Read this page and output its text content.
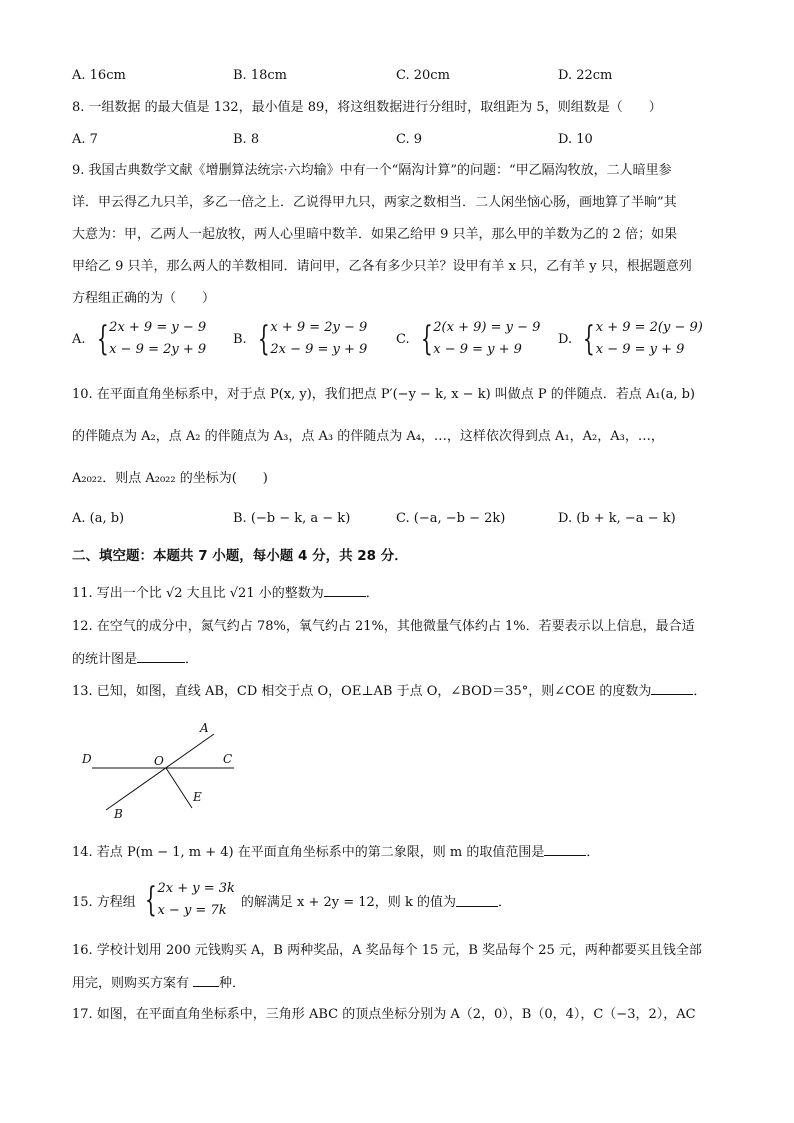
A. 16cm	B. 18cm	C. 20cm	D. 22cm
8. 一组数据 的最大值是 132，最小值是 89，将这组数据进行分组时，取组距为 5，则组数是（　　）
A. 7	B. 8	C. 9	D. 10
9. 我国古典数学文献《增删算法统宗·六均输》中有一个“隔沟计算”的问题：“甲乙隔沟牧放，二人暗里参
详．甲云得乙九只羊，多乙一倍之上．乙说得甲九只，两家之数相当．二人闲坐恼心肠，画地算了半晌”其
大意为：甲，乙两人一起放牧，两人心里暗中数羊．如果乙给甲 9 只羊，那么甲的羊数为乙的 2 倍；如果
甲给乙 9 只羊，那么两人的羊数相同．请问甲，乙各有多少只羊？设甲有羊 x 只，乙有羊 y 只，根据题意列
方程组正确的为（　　）
A. { 2x + 9 = y − 9
x − 9 = 2y + 9
B. { x + 9 = 2y − 9
2x − 9 = y + 9
C. { 2(x + 9) = y − 9
x − 9 = y + 9
D. { x + 9 = 2(y − 9)
x − 9 = y + 9
10. 在平面直角坐标系中，对于点 P(x, y)，我们把点 P′(−y − k, x − k) 叫做点 P 的伴随点．若点 A₁(a, b)
的伴随点为 A₂，点 A₂ 的伴随点为 A₃，点 A₃ 的伴随点为 A₄，…，这样依次得到点 A₁，A₂，A₃，…，
A₂₀₂₂．则点 A₂₀₂₂ 的坐标为(　　)
A. (a, b)	B. (−b − k, a − k)	C. (−a, −b − 2k)	D. (b + k, −a − k)
二、填空题：本题共 7 小题，每小题 4 分，共 28 分．
11. 写出一个比 √2 大且比 √21 小的整数为	．
12. 在空气的成分中，氮气约占 78%，氧气约占 21%，其他微量气体约占 1%．若要表示以上信息，最合适
的统计图是	．
13. 已知，如图，直线 AB，CD 相交于点 O，OE⊥AB 于点 O，∠BOD＝35°，则∠COE 的度数为	．
A
D	O	C
E
B
14. 若点 P(m − 1, m + 4) 在平面直角坐标系中的第二象限，则 m 的取值范围是	．
15. 方程组 { 2x + y = 3k
x − y = 7k
的解满足 x + 2y = 12，则 k 的值为	．
16. 学校计划用 200 元钱购买 A，B 两种奖品，A 奖品每个 15 元，B 奖品每个 25 元，两种都要买且钱全部
用完，则购买方案有 种．
17. 如图，在平面直角坐标系中，三角形 ABC 的顶点坐标分别为 A（2，0），B（0，4），C（−3，2），AC
